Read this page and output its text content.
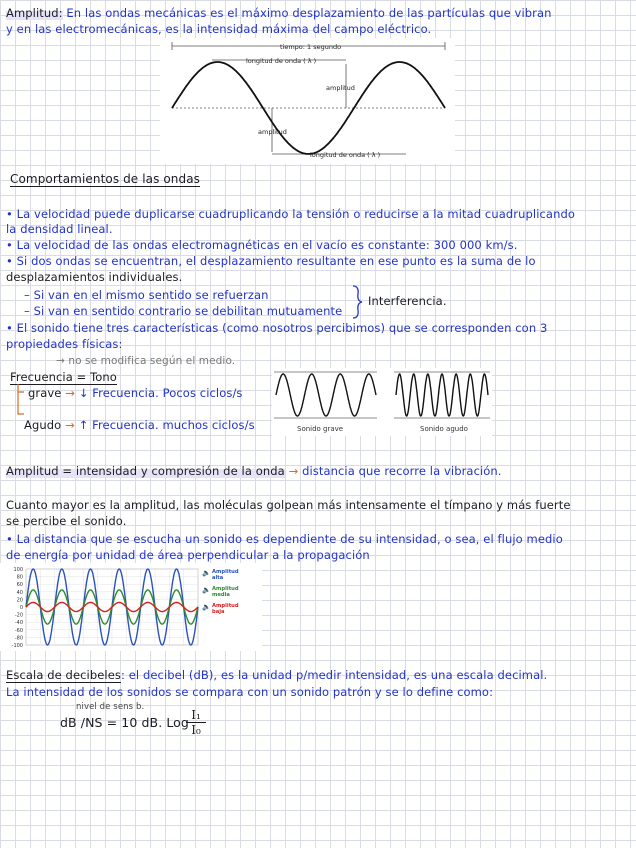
Amplitud: En las ondas mecánicas es el máximo desplazamiento de las partículas que vibran
y en las electromecánicas, es la intensidad máxima del campo eléctrico.
tiempo: 1 segundo
longitud de onda ( λ )
amplitud
amplitud
longitud de onda ( λ )
Comportamientos de las ondas
• La velocidad puede duplicarse cuadruplicando la tensión o reducirse a la mitad cuadruplicando
la densidad lineal.
• La velocidad de las ondas electromagnéticas en el vacío es constante: 300 000 km/s.
• Si dos ondas se encuentran, el desplazamiento resultante en ese punto es la suma de lo
desplazamientos individuales.
– Si van en el mismo sentido se refuerzan
– Si van en sentido contrario se debilitan mutuamente
Interferencia.
• El sonido tiene tres características (como nosotros percibimos) que se corresponden con 3
propiedades físicas:
→ no se modifica según el medio.
Frecuencia = Tono
grave → ↓ Frecuencia. Pocos ciclos/s
Agudo → ↑ Frecuencia. muchos ciclos/s	Sonido grave	Sonido agudo
Amplitud = intensidad y compresión de la onda → distancia que recorre la vibración.
Cuanto mayor es la amplitud, las moléculas golpean más intensamente el tímpano y más fuerte
se percibe el sonido.
• La distancia que se escucha un sonido es dependiente de su intensidad, o sea, el flujo medio
de energía por unidad de área perpendicular a la propagación
100
80
60
40
20
0
-20
-40
-60
-80
-100
🔈 Amplitud
alta
🔈 Amplitud
media
🔈 Amplitud
baja
Escala de decibeles: el decibel (dB), es la unidad p/medir intensidad, es una escala decimal.
La intensidad de los sonidos se compara con un sonido patrón y se lo define como:
nivel de sens b.
dB /NS = 10 dB. Log
$\frac{\text{I₁}}{\text{I₀}}$
